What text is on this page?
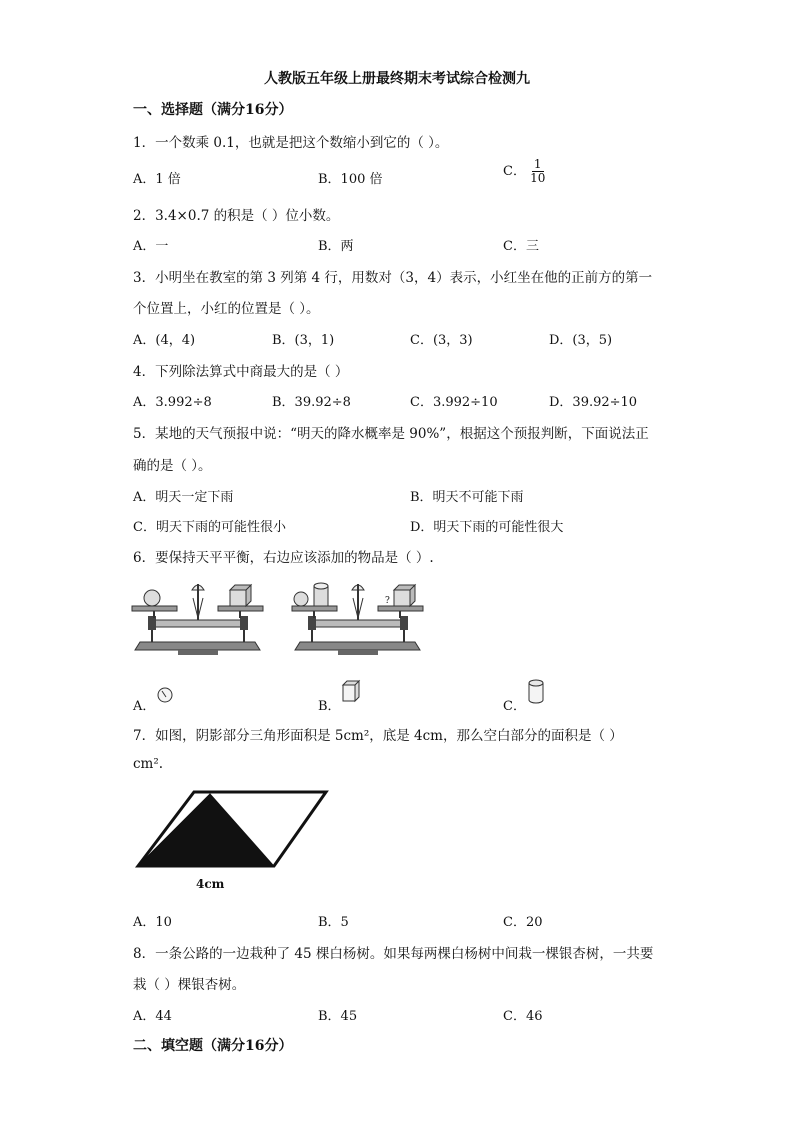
人教版五年级上册最终期末考试综合检测九
一、选择题（满分16分）
1．一个数乘 0.1，也就是把这个数缩小到它的（ ）。
A．1 倍	B．100 倍
C． $\frac{1}{10}$
2．3.4×0.7 的积是（ ）位小数。
A．一	B．两	C．三
3．小明坐在教室的第 3 列第 4 行，用数对（3，4）表示，小红坐在他的正前方的第一
个位置上，小红的位置是（ ）。
A．(4，4)	B．(3，1)	C．(3，3)	D．(3，5)
4．下列除法算式中商最大的是（ ）
A．3.992÷8	B．39.92÷8	C．3.992÷10	D．39.92÷10
5．某地的天气预报中说：“明天的降水概率是 90%”，根据这个预报判断，下面说法正
确的是（ ）。
A．明天一定下雨	B．明天不可能下雨
C．明天下雨的可能性很小	D．明天下雨的可能性很大
6．要保持天平平衡，右边应该添加的物品是（ ）.
?
A．	B．	C．
7．如图，阴影部分三角形面积是 5cm²，底是 4cm，那么空白部分的面积是（ ）
cm².
4cm
A．10	B．5	C．20
8．一条公路的一边栽种了 45 棵白杨树。如果每两棵白杨树中间栽一棵银杏树，一共要
栽（ ）棵银杏树。
A．44	B．45	C．46
二、填空题（满分16分）
